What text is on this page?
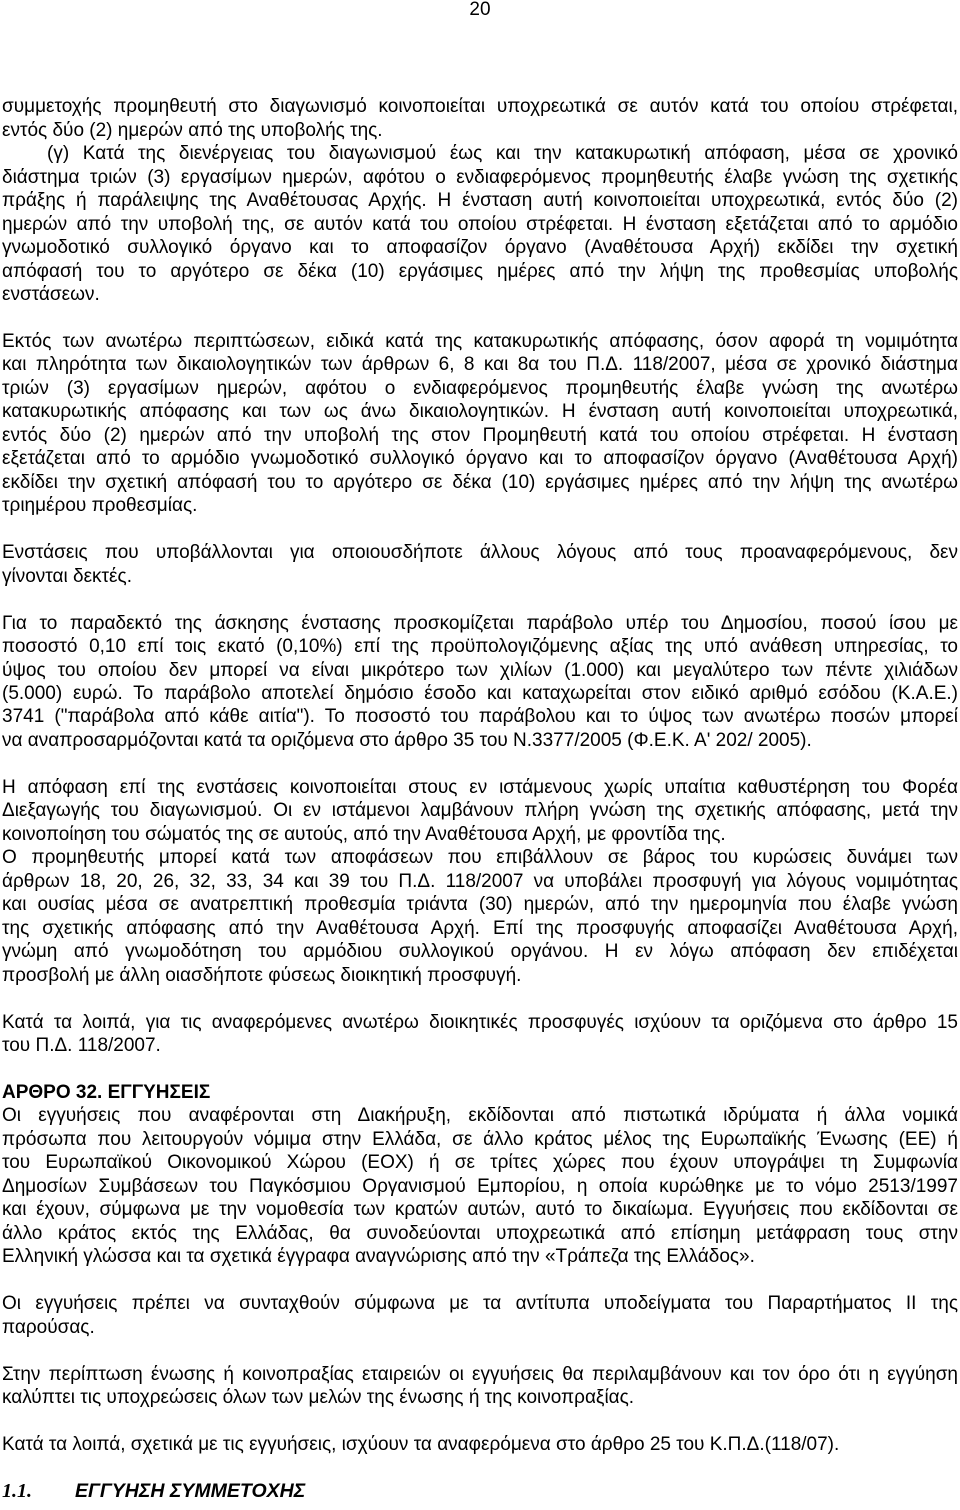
20
συμμετοχής προμηθευτή στο διαγωνισμό κοινοποιείται υποχρεωτικά σε αυτόν κατά του οποίου στρέφεται,
εντός δύο (2) ημερών από της υποβολής της.
(γ) Κατά της διενέργειας του διαγωνισμού έως και την κατακυρωτική απόφαση, μέσα σε χρονικό
διάστημα τριών (3) εργασίμων ημερών, αφότου ο ενδιαφερόμενος προμηθευτής έλαβε γνώση της σχετικής
πράξης ή παράλειψης της Αναθέτουσας Αρχής. Η ένσταση αυτή κοινοποιείται υποχρεωτικά, εντός δύο (2)
ημερών από την υποβολή της, σε αυτόν κατά του οποίου στρέφεται. Η ένσταση εξετάζεται από το αρμόδιο
γνωμοδοτικό συλλογικό όργανο και το αποφασίζον όργανο (Αναθέτουσα Αρχή) εκδίδει την σχετική
απόφασή του το αργότερο σε δέκα (10) εργάσιμες ημέρες από την λήψη της προθεσμίας υποβολής
ενστάσεων.
Εκτός των ανωτέρω περιπτώσεων, ειδικά κατά της κατακυρωτικής απόφασης, όσον αφορά τη νομιμότητα
και πληρότητα των δικαιολογητικών των άρθρων 6, 8 και 8α του Π.Δ. 118/2007, μέσα σε χρονικό διάστημα
τριών (3) εργασίμων ημερών, αφότου ο ενδιαφερόμενος προμηθευτής έλαβε γνώση της ανωτέρω
κατακυρωτικής απόφασης και των ως άνω δικαιολογητικών. Η ένσταση αυτή κοινοποιείται υποχρεωτικά,
εντός δύο (2) ημερών από την υποβολή της στον Προμηθευτή κατά του οποίου στρέφεται. Η ένσταση
εξετάζεται από το αρμόδιο γνωμοδοτικό συλλογικό όργανο και το αποφασίζον όργανο (Αναθέτουσα Αρχή)
εκδίδει την σχετική απόφασή του το αργότερο σε δέκα (10) εργάσιμες ημέρες από την λήψη της ανωτέρω
τριημέρου προθεσμίας.
Ενστάσεις που υποβάλλονται για οποιουσδήποτε άλλους λόγους από τους προαναφερόμενους, δεν
γίνονται δεκτές.
Για το παραδεκτό της άσκησης ένστασης προσκομίζεται παράβολο υπέρ του Δημοσίου, ποσού ίσου με
ποσοστό 0,10 επί τοις εκατό (0,10%) επί της προϋπολογιζόμενης αξίας της υπό ανάθεση υπηρεσίας, το
ύψος του οποίου δεν μπορεί να είναι μικρότερο των χιλίων (1.000) και μεγαλύτερο των πέντε χιλιάδων
(5.000) ευρώ. Το παράβολο αποτελεί δημόσιο έσοδο και καταχωρείται στον ειδικό αριθμό εσόδου (Κ.Α.Ε.)
3741 ("παράβολα από κάθε αιτία"). Το ποσοστό του παράβολου και το ύψος των ανωτέρω ποσών μπορεί
να αναπροσαρμόζονται κατά τα οριζόμενα στο άρθρο 35 του Ν.3377/2005 (Φ.Ε.Κ. Α' 202/ 2005).
Η απόφαση επί της ενστάσεις κοινοποιείται στους εν ιστάμενους χωρίς υπαίτια καθυστέρηση του Φορέα
Διεξαγωγής του διαγωνισμού. Οι εν ιστάμενοι λαμβάνουν πλήρη γνώση της σχετικής απόφασης, μετά την
κοινοποίηση του σώματός της σε αυτούς, από την Αναθέτουσα Αρχή, με φροντίδα της.
Ο προμηθευτής μπορεί κατά των αποφάσεων που επιβάλλουν σε βάρος του κυρώσεις δυνάμει των
άρθρων 18, 20, 26, 32, 33, 34 και 39 του Π.Δ. 118/2007 να υποβάλει προσφυγή για λόγους νομιμότητας
και ουσίας μέσα σε ανατρεπτική προθεσμία τριάντα (30) ημερών, από την ημερομηνία που έλαβε γνώση
της σχετικής απόφασης από την Αναθέτουσα Αρχή. Επί της προσφυγής αποφασίζει Αναθέτουσα Αρχή,
γνώμη από γνωμοδότηση του αρμόδιου συλλογικού οργάνου. Η εν λόγω απόφαση δεν επιδέχεται
προσβολή με άλλη οιασδήποτε φύσεως διοικητική προσφυγή.
Κατά τα λοιπά, για τις αναφερόμενες ανωτέρω διοικητικές προσφυγές ισχύουν τα οριζόμενα στο άρθρο 15
του Π.Δ. 118/2007.
ΑΡΘΡΟ 32. ΕΓΓΥΗΣΕΙΣ
Οι εγγυήσεις που αναφέρονται στη Διακήρυξη, εκδίδονται από πιστωτικά ιδρύματα ή άλλα νομικά
πρόσωπα που λειτουργούν νόμιμα στην Ελλάδα, σε άλλο κράτος μέλος της Ευρωπαϊκής Ένωσης (ΕΕ) ή
του Ευρωπαϊκού Οικονομικού Χώρου (ΕΟΧ) ή σε τρίτες χώρες που έχουν υπογράψει τη Συμφωνία
Δημοσίων Συμβάσεων του Παγκόσμιου Οργανισμού Εμπορίου, η οποία κυρώθηκε με το νόμο 2513/1997
και έχουν, σύμφωνα με την νομοθεσία των κρατών αυτών, αυτό το δικαίωμα. Εγγυήσεις που εκδίδονται σε
άλλο κράτος εκτός της Ελλάδας, θα συνοδεύονται υποχρεωτικά από επίσημη μετάφραση τους στην
Ελληνική γλώσσα και τα σχετικά έγγραφα αναγνώρισης από την «Τράπεζα της Ελλάδος».
Οι εγγυήσεις πρέπει να συνταχθούν σύμφωνα με τα αντίτυπα υποδείγματα του Παραρτήματος ΙΙ της
παρούσας.
Στην περίπτωση ένωσης ή κοινοπραξίας εταιρειών οι εγγυήσεις θα περιλαμβάνουν και τον όρο ότι η εγγύηση
καλύπτει τις υποχρεώσεις όλων των μελών της ένωσης ή της κοινοπραξίας.
Κατά τα λοιπά, σχετικά με τις εγγυήσεις, ισχύουν τα αναφερόμενα στο άρθρο 25 του Κ.Π.Δ.(118/07).
1.1. ΕΓΓΥΗΣΗ ΣΥΜΜΕΤΟΧΗΣ
